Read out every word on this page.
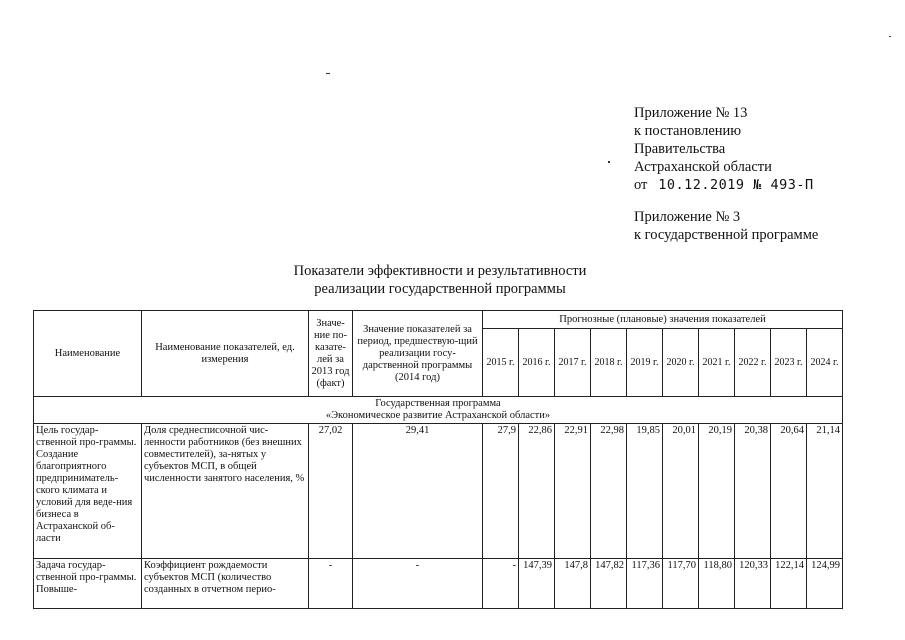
Приложение № 13
к постановлению
Правительства
Астраханской области
от 10.12.2019 № 493-П
Приложение № 3
к государственной программе
Показатели эффективности и результативности
реализации государственной программы
Наименование	Наименование показателей, ед. измерения	Значе-ние по-казате-лей за 2013 год (факт)	Значение показателей за период, предшествую-щий реализации госу-дарственной программы (2014 год)	Прогнозные (плановые) значения показателей									
				2015 г.	2016 г.	2017 г.	2018 г.	2019 г.	2020 г.	2021 г.	2022 г.	2023 г.	2024 г.

Государственная программа
«Экономическое развитие Астраханской области»													

Цель государ-ственной про-граммы. Создание благоприятного предприниматель-ского климата и условий для веде-ния бизнеса в Астраханской об-ласти	Доля среднесписочной чис-ленности работников (без внешних совместителей), за-нятых у субъектов МСП, в общей численности занятого населения, %	27,02	29,41	27,9	22,86	22,91	22,98	19,85	20,01	20,19	20,38	20,64	21,14
Задача государ-ственной про-граммы. Повыше-	Коэффициент рождаемости субъектов МСП (количество созданных в отчетном перио-	-	-	-	147,39	147,8	147,82	117,36	117,70	118,80	120,33	122,14	124,99
